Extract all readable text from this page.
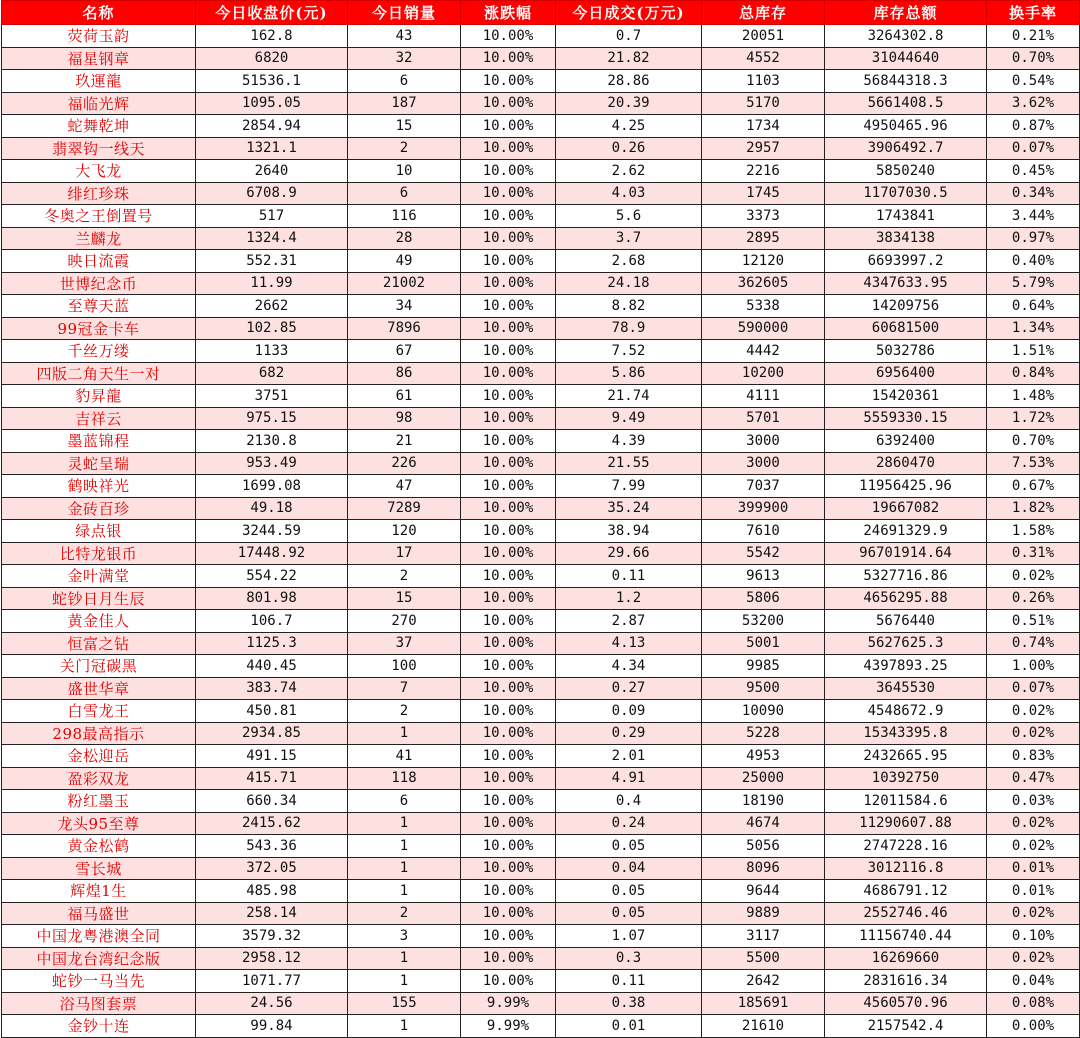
名称	今日收盘价(元)	今日销量	涨跌幅	今日成交(万元)	总库存	库存总额	换手率
荧荷玉韵	162.8	43	10.00%	0.7	20051	3264302.8	0.21%
福星钢章	6820	32	10.00%	21.82	4552	31044640	0.70%
玖運龍	51536.1	6	10.00%	28.86	1103	56844318.3	0.54%
福临光辉	1095.05	187	10.00%	20.39	5170	5661408.5	3.62%
蛇舞乾坤	2854.94	15	10.00%	4.25	1734	4950465.96	0.87%
翡翠钩一线天	1321.1	2	10.00%	0.26	2957	3906492.7	0.07%
大飞龙	2640	10	10.00%	2.62	2216	5850240	0.45%
绯红珍珠	6708.9	6	10.00%	4.03	1745	11707030.5	0.34%
冬奥之王倒置号	517	116	10.00%	5.6	3373	1743841	3.44%
兰麟龙	1324.4	28	10.00%	3.7	2895	3834138	0.97%
映日流霞	552.31	49	10.00%	2.68	12120	6693997.2	0.40%
世博纪念币	11.99	21002	10.00%	24.18	362605	4347633.95	5.79%
至尊天蓝	2662	34	10.00%	8.82	5338	14209756	0.64%
99冠金卡车	102.85	7896	10.00%	78.9	590000	60681500	1.34%
千丝万缕	1133	67	10.00%	7.52	4442	5032786	1.51%
四版二角天生一对	682	86	10.00%	5.86	10200	6956400	0.84%
豹昇龍	3751	61	10.00%	21.74	4111	15420361	1.48%
吉祥云	975.15	98	10.00%	9.49	5701	5559330.15	1.72%
墨蓝锦程	2130.8	21	10.00%	4.39	3000	6392400	0.70%
灵蛇呈瑞	953.49	226	10.00%	21.55	3000	2860470	7.53%
鹤映祥光	1699.08	47	10.00%	7.99	7037	11956425.96	0.67%
金砖百珍	49.18	7289	10.00%	35.24	399900	19667082	1.82%
绿点银	3244.59	120	10.00%	38.94	7610	24691329.9	1.58%
比特龙银币	17448.92	17	10.00%	29.66	5542	96701914.64	0.31%
金叶满堂	554.22	2	10.00%	0.11	9613	5327716.86	0.02%
蛇钞日月生辰	801.98	15	10.00%	1.2	5806	4656295.88	0.26%
黄金佳人	106.7	270	10.00%	2.87	53200	5676440	0.51%
恒富之钻	1125.3	37	10.00%	4.13	5001	5627625.3	0.74%
关门冠碳黑	440.45	100	10.00%	4.34	9985	4397893.25	1.00%
盛世华章	383.74	7	10.00%	0.27	9500	3645530	0.07%
白雪龙王	450.81	2	10.00%	0.09	10090	4548672.9	0.02%
298最高指示	2934.85	1	10.00%	0.29	5228	15343395.8	0.02%
金松迎岳	491.15	41	10.00%	2.01	4953	2432665.95	0.83%
盈彩双龙	415.71	118	10.00%	4.91	25000	10392750	0.47%
粉红墨玉	660.34	6	10.00%	0.4	18190	12011584.6	0.03%
龙头95至尊	2415.62	1	10.00%	0.24	4674	11290607.88	0.02%
黄金松鹤	543.36	1	10.00%	0.05	5056	2747228.16	0.02%
雪长城	372.05	1	10.00%	0.04	8096	3012116.8	0.01%
辉煌1生	485.98	1	10.00%	0.05	9644	4686791.12	0.01%
福马盛世	258.14	2	10.00%	0.05	9889	2552746.46	0.02%
中国龙粤港澳全同	3579.32	3	10.00%	1.07	3117	11156740.44	0.10%
中国龙台湾纪念版	2958.12	1	10.00%	0.3	5500	16269660	0.02%
蛇钞一马当先	1071.77	1	10.00%	0.11	2642	2831616.34	0.04%
浴马图套票	24.56	155	9.99%	0.38	185691	4560570.96	0.08%
金钞十连	99.84	1	9.99%	0.01	21610	2157542.4	0.00%
